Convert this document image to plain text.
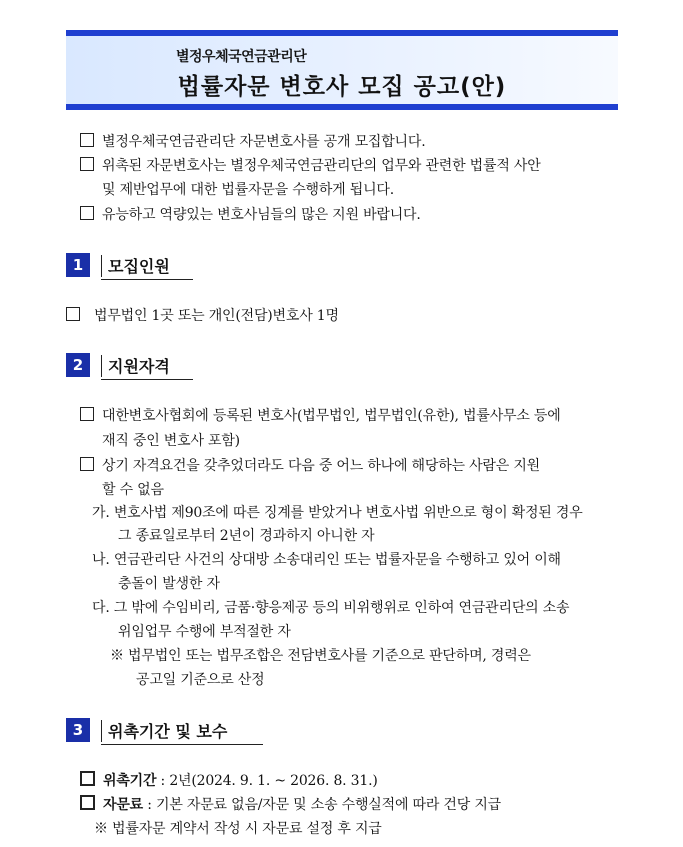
별정우체국연금관리단
법률자문 변호사 모집 공고(안)
별정우체국연금관리단 자문변호사를 공개 모집합니다.
위촉된 자문변호사는 별정우체국연금관리단의 업무와 관련한 법률적 사안
및 제반업무에 대한 법률자문을 수행하게 됩니다.
유능하고 역량있는 변호사님들의 많은 지원 바랍니다.
1	모집인원
법무법인 1곳 또는 개인(전담)변호사 1명
2	지원자격
대한변호사협회에 등록된 변호사(법무법인, 법무법인(유한), 법률사무소 등에
재직 중인 변호사 포함)
상기 자격요건을 갖추었더라도 다음 중 어느 하나에 해당하는 사람은 지원
할 수 없음
가. 변호사법 제90조에 따른 징계를 받았거나 변호사법 위반으로 형이 확정된 경우
그 종료일로부터 2년이 경과하지 아니한 자
나. 연금관리단 사건의 상대방 소송대리인 또는 법률자문을 수행하고 있어 이해
충돌이 발생한 자
다. 그 밖에 수임비리, 금품·향응제공 등의 비위행위로 인하여 연금관리단의 소송
위임업무 수행에 부적절한 자
※ 법무법인 또는 법무조합은 전담변호사를 기준으로 판단하며, 경력은
공고일 기준으로 산정
3	위촉기간 및 보수
위촉기간 : 2년(2024. 9. 1. ~ 2026. 8. 31.)
자문료 : 기본 자문료 없음/자문 및 소송 수행실적에 따라 건당 지급
※ 법률자문 계약서 작성 시 자문료 설정 후 지급
